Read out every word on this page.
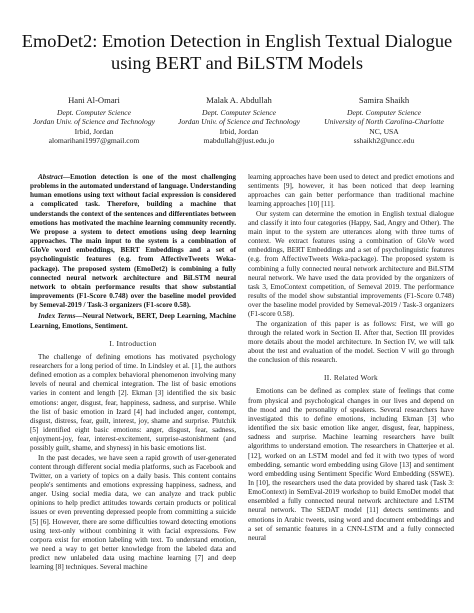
EmoDet2: Emotion Detection in English Textual Dialogue using BERT and BiLSTM Models
Hani Al-Omari
Dept. Computer Science
Jordan Univ. of Science and Technology
Irbid, Jordan
alomarihani1997@gmail.com
Malak A. Abdullah
Dept. Computer Science
Jordan Univ. of Science and Technology
Irbid, Jordan
mabdullah@just.edu.jo
Samira Shaikh
Dept. Computer Science
University of North Carolina-Charlotte
NC, USA
sshaikh2@uncc.edu

Abstract—Emotion detection is one of the most challenging problems in the automated understand of language. Understanding human emotions using text without facial expression is considered a complicated task. Therefore, building a machine that understands the context of the sentences and differentiates between emotions has motivated the machine learning community recently. We propose a system to detect emotions using deep learning approaches. The main input to the system is a combination of GloVe word embeddings, BERT Embeddings and a set of psycholinguistic features (e.g. from AffectiveTweets Weka-package). The proposed system (EmoDet2) is combining a fully connected neural network architecture and BiLSTM neural network to obtain performance results that show substantial improvements (F1-Score 0.748) over the baseline model provided by Semeval-2019 / Task-3 organizers (F1-score 0.58).

Index Terms—Neural Network, BERT, Deep Learning, Machine Learning, Emotions, Sentiment.

I. Introduction

The challenge of defining emotions has motivated psychology researchers for a long period of time. In Lindsley et al. [1], the authors defined emotion as a complex behavioral phenomenon involving many levels of neural and chemical integration. The list of basic emotions varies in content and length [2]. Ekman [3] identified the six basic emotions: anger, disgust, fear, happiness, sadness, and surprise. While the list of basic emotion in Izard [4] had included anger, contempt, disgust, distress, fear, guilt, interest, joy, shame and surprise. Plutchik [5] identified eight basic emotions: anger, disgust, fear, sadness, enjoyment-joy, fear, interest-excitement, surprise-astonishment (and possibly guilt, shame, and shyness) in his basic emotions list.

In the past decades, we have seen a rapid growth of user-generated content through different social media platforms, such as Facebook and Twitter, on a variety of topics on a daily basis. This content contains people's sentiments and emotions expressing happiness, sadness, and anger. Using social media data, we can analyze and track public opinions to help predict attitudes towards certain products or political issues or even preventing depressed people from committing a suicide [5] [6]. However, there are some difficulties toward detecting emotions using text-only without combining it with facial expressions. Few corpora exist for emotion labeling with text. To understand emotion, we need a way to get better knowledge from the labeled data and predict new unlabeled data using machine learning [7] and deep learning [8] techniques. Several machine

learning approaches have been used to detect and predict emotions and sentiments [9], however, it has been noticed that deep learning approaches can gain better performance than traditional machine learning approaches [10] [11].

Our system can determine the emotion in English textual dialogue and classify it into four categories (Happy, Sad, Angry and Other). The main input to the system are utterances along with three turns of context. We extract features using a combination of GloVe word embeddings, BERT Embeddings and a set of psycholinguistic features (e.g. from AffectiveTweets Weka-package). The proposed system is combining a fully connected neural network architecture and BiLSTM neural network. We have used the data provided by the organizers of task 3, EmoContext competition, of Semeval 2019. The performance results of the model show substantial improvements (F1-Score 0.748) over the baseline model provided by Semeval-2019 / Task-3 organizers (F1-score 0.58).

The organization of this paper is as follows: First, we will go through the related work in Section II. After that, Section III provides more details about the model architecture. In Section IV, we will talk about the test and evaluation of the model. Section V will go through the conclusion of this research.

II. Related Work

Emotions can be defined as complex state of feelings that come from physical and psychological changes in our lives and depend on the mood and the personality of speakers. Several researchers have investigated this to define emotions, including Ekman [3] who identified the six basic emotion like anger, disgust, fear, happiness, sadness and surprise. Machine learning researchers have built algorithms to understand emotion. The researchers in Chatterjee et al. [12], worked on an LSTM model and fed it with two types of word embedding, semantic word embedding using Glove [13] and sentiment word embedding using Sentiment Specific Word Embedding (SSWE). In [10], the researchers used the data provided by shared task (Task 3: EmoContext) in SemEval-2019 workshop to build EmoDet model that ensembled a fully connected neural network architecture and LSTM neural network. The SEDAT model [11] detects sentiments and emotions in Arabic tweets, using word and document embeddings and a set of semantic features in a CNN-LSTM and a fully connected neural
